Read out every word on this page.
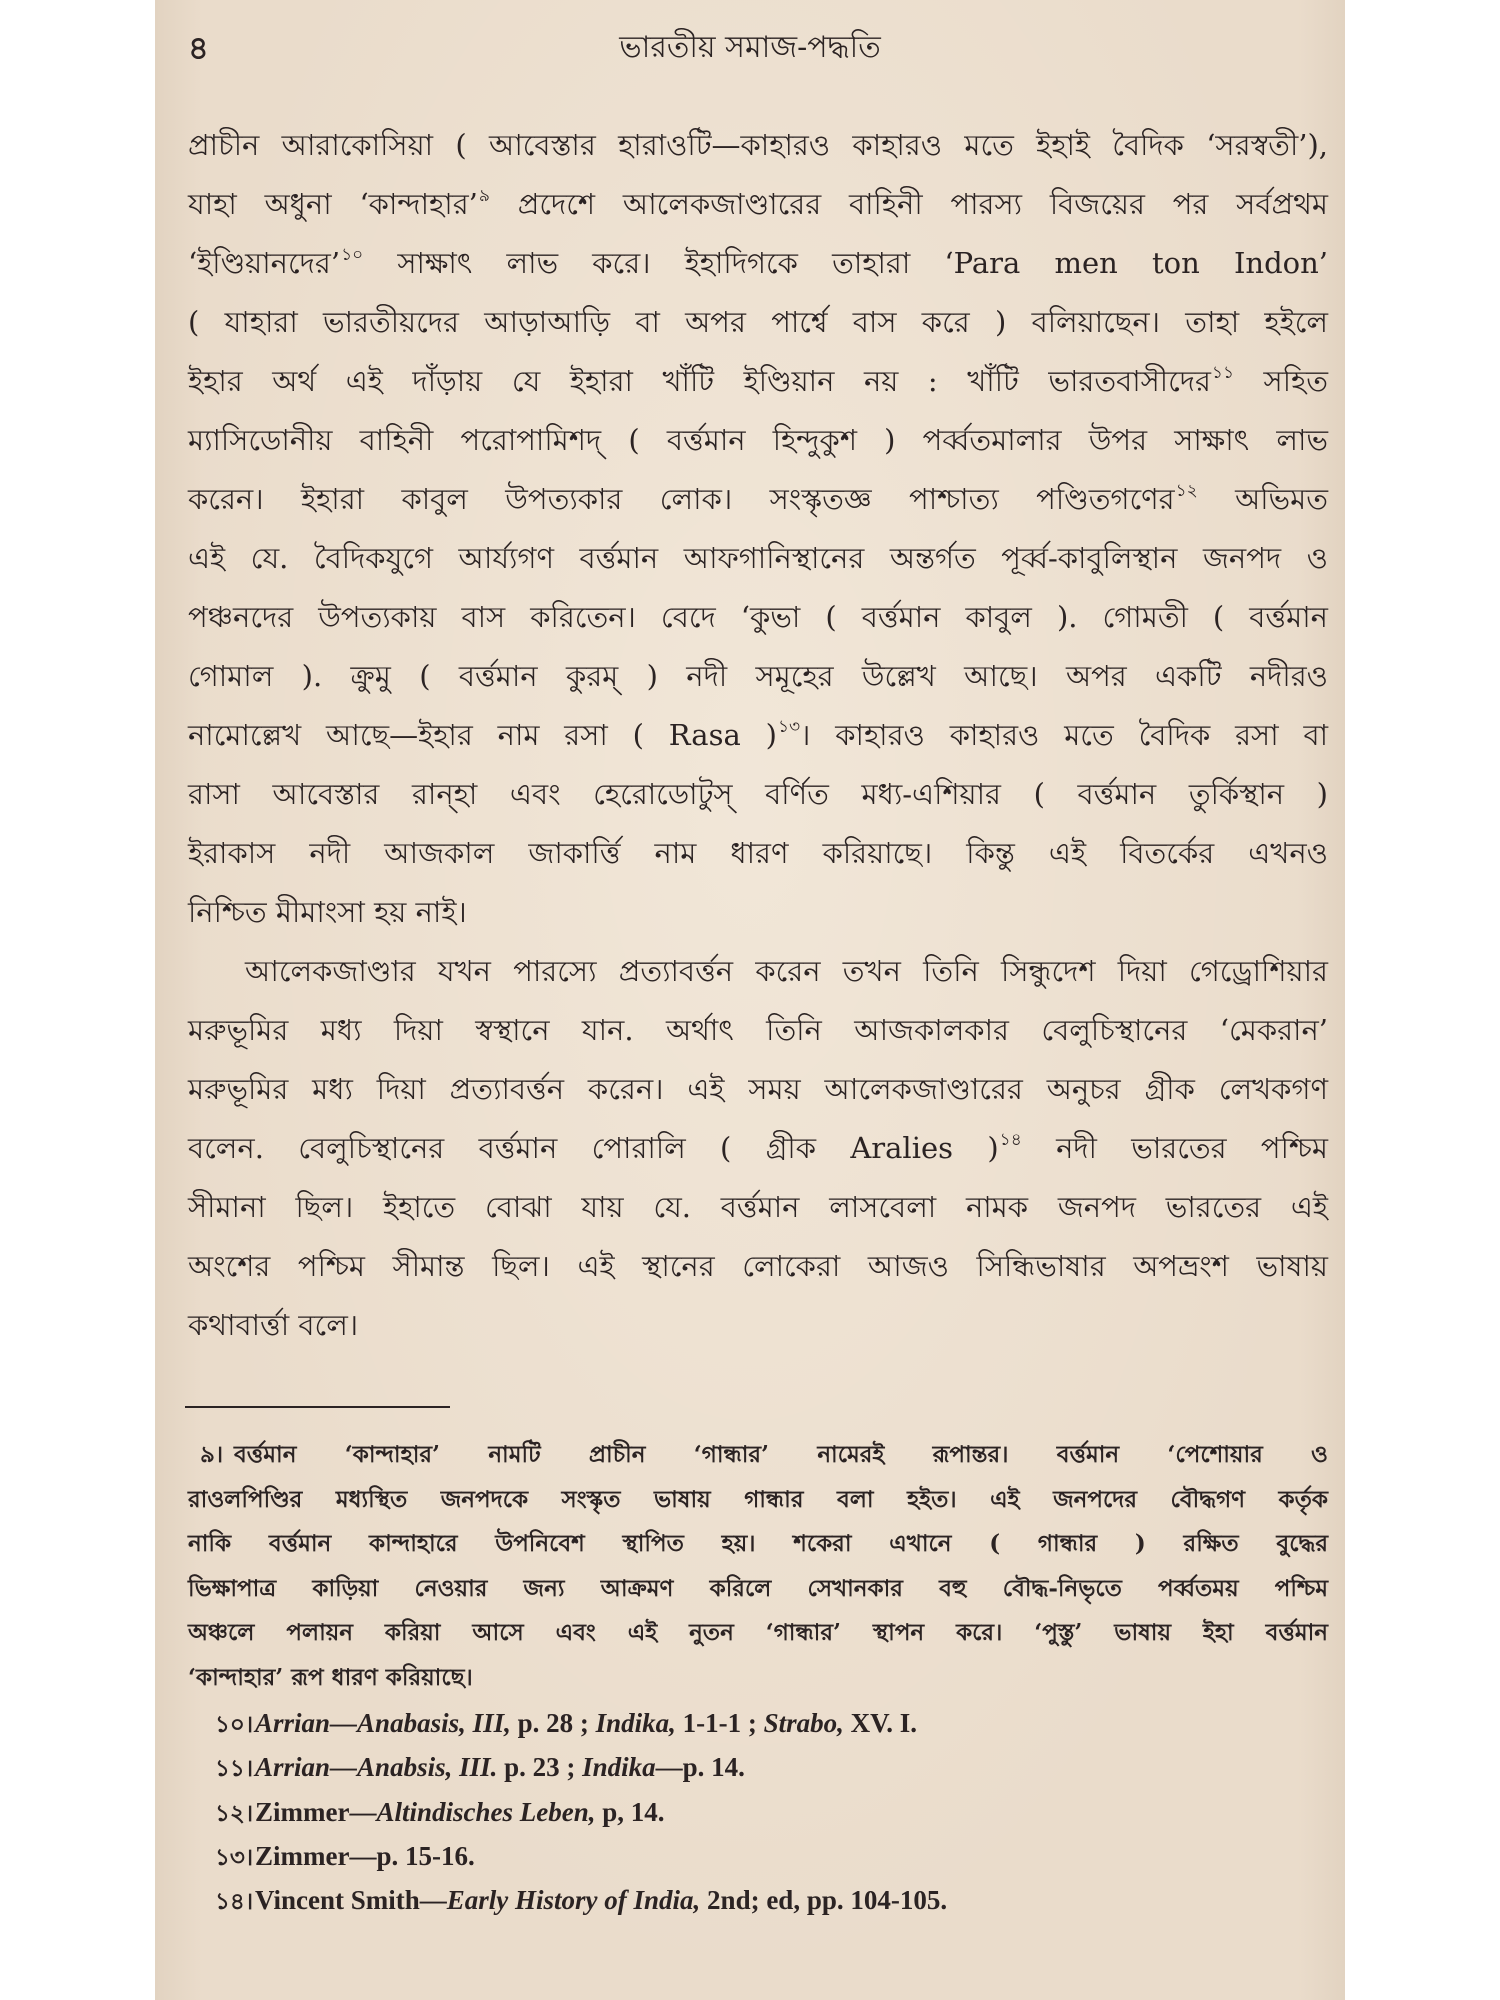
৪	ভারতীয় সমাজ-পদ্ধতি
প্রাচীন আরাকোসিয়া ( আবেস্তার হারাওটি—কাহারও কাহারও মতে ইহাই বৈদিক ‘সরস্বতী’),
যাহা অধুনা ‘কান্দাহার’$^৯$ প্রদেশে আলেকজাণ্ডারের বাহিনী পারস্য বিজয়ের পর সর্বপ্রথম
‘ইণ্ডিয়ানদের’$^{১০}$ সাক্ষাৎ লাভ করে। ইহাদিগকে তাহারা ‘Para men ton Indon’
( যাহারা ভারতীয়দের আড়াআড়ি বা অপর পার্শ্বে বাস করে ) বলিয়াছেন। তাহা হইলে
ইহার অর্থ এই দাঁড়ায় যে ইহারা খাঁটি ইণ্ডিয়ান নয় : খাঁটি ভারতবাসীদের$^{১১}$ সহিত
ম্যাসিডোনীয় বাহিনী পরোপামিশদ্ ( বর্ত্তমান হিন্দুকুশ ) পর্ব্বতমালার উপর সাক্ষাৎ লাভ
করেন। ইহারা কাবুল উপত্যকার লোক। সংস্কৃতজ্ঞ পাশ্চাত্য পণ্ডিতগণের$^{১২}$ অভিমত
এই যে. বৈদিকযুগে আর্য্যগণ বর্ত্তমান আফগানিস্থানের অন্তর্গত পূর্ব্ব-কাবুলিস্থান জনপদ ও
পঞ্চনদের উপত্যকায় বাস করিতেন। বেদে ‘কুভা ( বর্ত্তমান কাবুল ). গোমতী ( বর্ত্তমান
গোমাল ). ক্রুমু ( বর্ত্তমান কুরম্ ) নদী সমূহের উল্লেখ আছে। অপর একটি নদীরও
নামোল্লেখ আছে—ইহার নাম রসা ( Rasa )$^{১৩}$। কাহারও কাহারও মতে বৈদিক রসা বা
রাসা আবেস্তার রান্‌হা এবং হেরোডোটুস্ বর্ণিত মধ্য-এশিয়ার ( বর্ত্তমান তুর্কিস্থান )
ইরাকাস নদী আজকাল জাকার্ত্তি নাম ধারণ করিয়াছে। কিন্তু এই বিতর্কের এখনও
নিশ্চিত মীমাংসা হয় নাই।
আলেকজাণ্ডার যখন পারস্যে প্রত্যাবর্ত্তন করেন তখন তিনি সিন্ধুদেশ দিয়া গেড্রোশিয়ার
মরুভূমির মধ্য দিয়া স্বস্থানে যান. অর্থাৎ তিনি আজকালকার বেলুচিস্থানের ‘মেকরান’
মরুভূমির মধ্য দিয়া প্রত্যাবর্ত্তন করেন। এই সময় আলেকজাণ্ডারের অনুচর গ্রীক লেখকগণ
বলেন. বেলুচিস্থানের বর্ত্তমান পোরালি ( গ্রীক Aralies )$^{১৪}$ নদী ভারতের পশ্চিম
সীমানা ছিল। ইহাতে বোঝা যায় যে. বর্ত্তমান লাসবেলা নামক জনপদ ভারতের এই
অংশের পশ্চিম সীমান্ত ছিল। এই স্থানের লোকেরা আজও সিন্ধিভাষার অপভ্রংশ ভাষায়
কথাবার্ত্তা বলে।
৯। বর্ত্তমান ‘কান্দাহার’ নামটি প্রাচীন ‘গান্ধার’ নামেরই রূপান্তর। বর্ত্তমান ‘পেশোয়ার ও
রাওলপিণ্ডির মধ্যস্থিত জনপদকে সংস্কৃত ভাষায় গান্ধার বলা হইত। এই জনপদের বৌদ্ধগণ কর্তৃক
নাকি বর্ত্তমান কান্দাহারে উপনিবেশ স্থাপিত হয়। শকেরা এখানে ( গান্ধার ) রক্ষিত বুদ্ধের
ভিক্ষাপাত্র কাড়িয়া নেওয়ার জন্য আক্রমণ করিলে সেখানকার বহু বৌদ্ধ-নিভৃতে পর্ব্বতময় পশ্চিম
অঞ্চলে পলায়ন করিয়া আসে এবং এই নুতন ‘গান্ধার’ স্থাপন করে। ‘পুস্তু’ ভাষায় ইহা বর্ত্তমান
‘কান্দাহার’ রূপ ধারণ করিয়াছে।
১০।Arrian—Anabasis, III, p. 28 ; Indika, 1-1-1 ; Strabo, XV. I.
১১।Arrian—Anabsis, III. p. 23 ; Indika—p. 14.
১২।Zimmer—Altindisches Leben, p, 14.
১৩।Zimmer—p. 15-16.
১৪।Vincent Smith—Early History of India, 2nd; ed, pp. 104-105.
